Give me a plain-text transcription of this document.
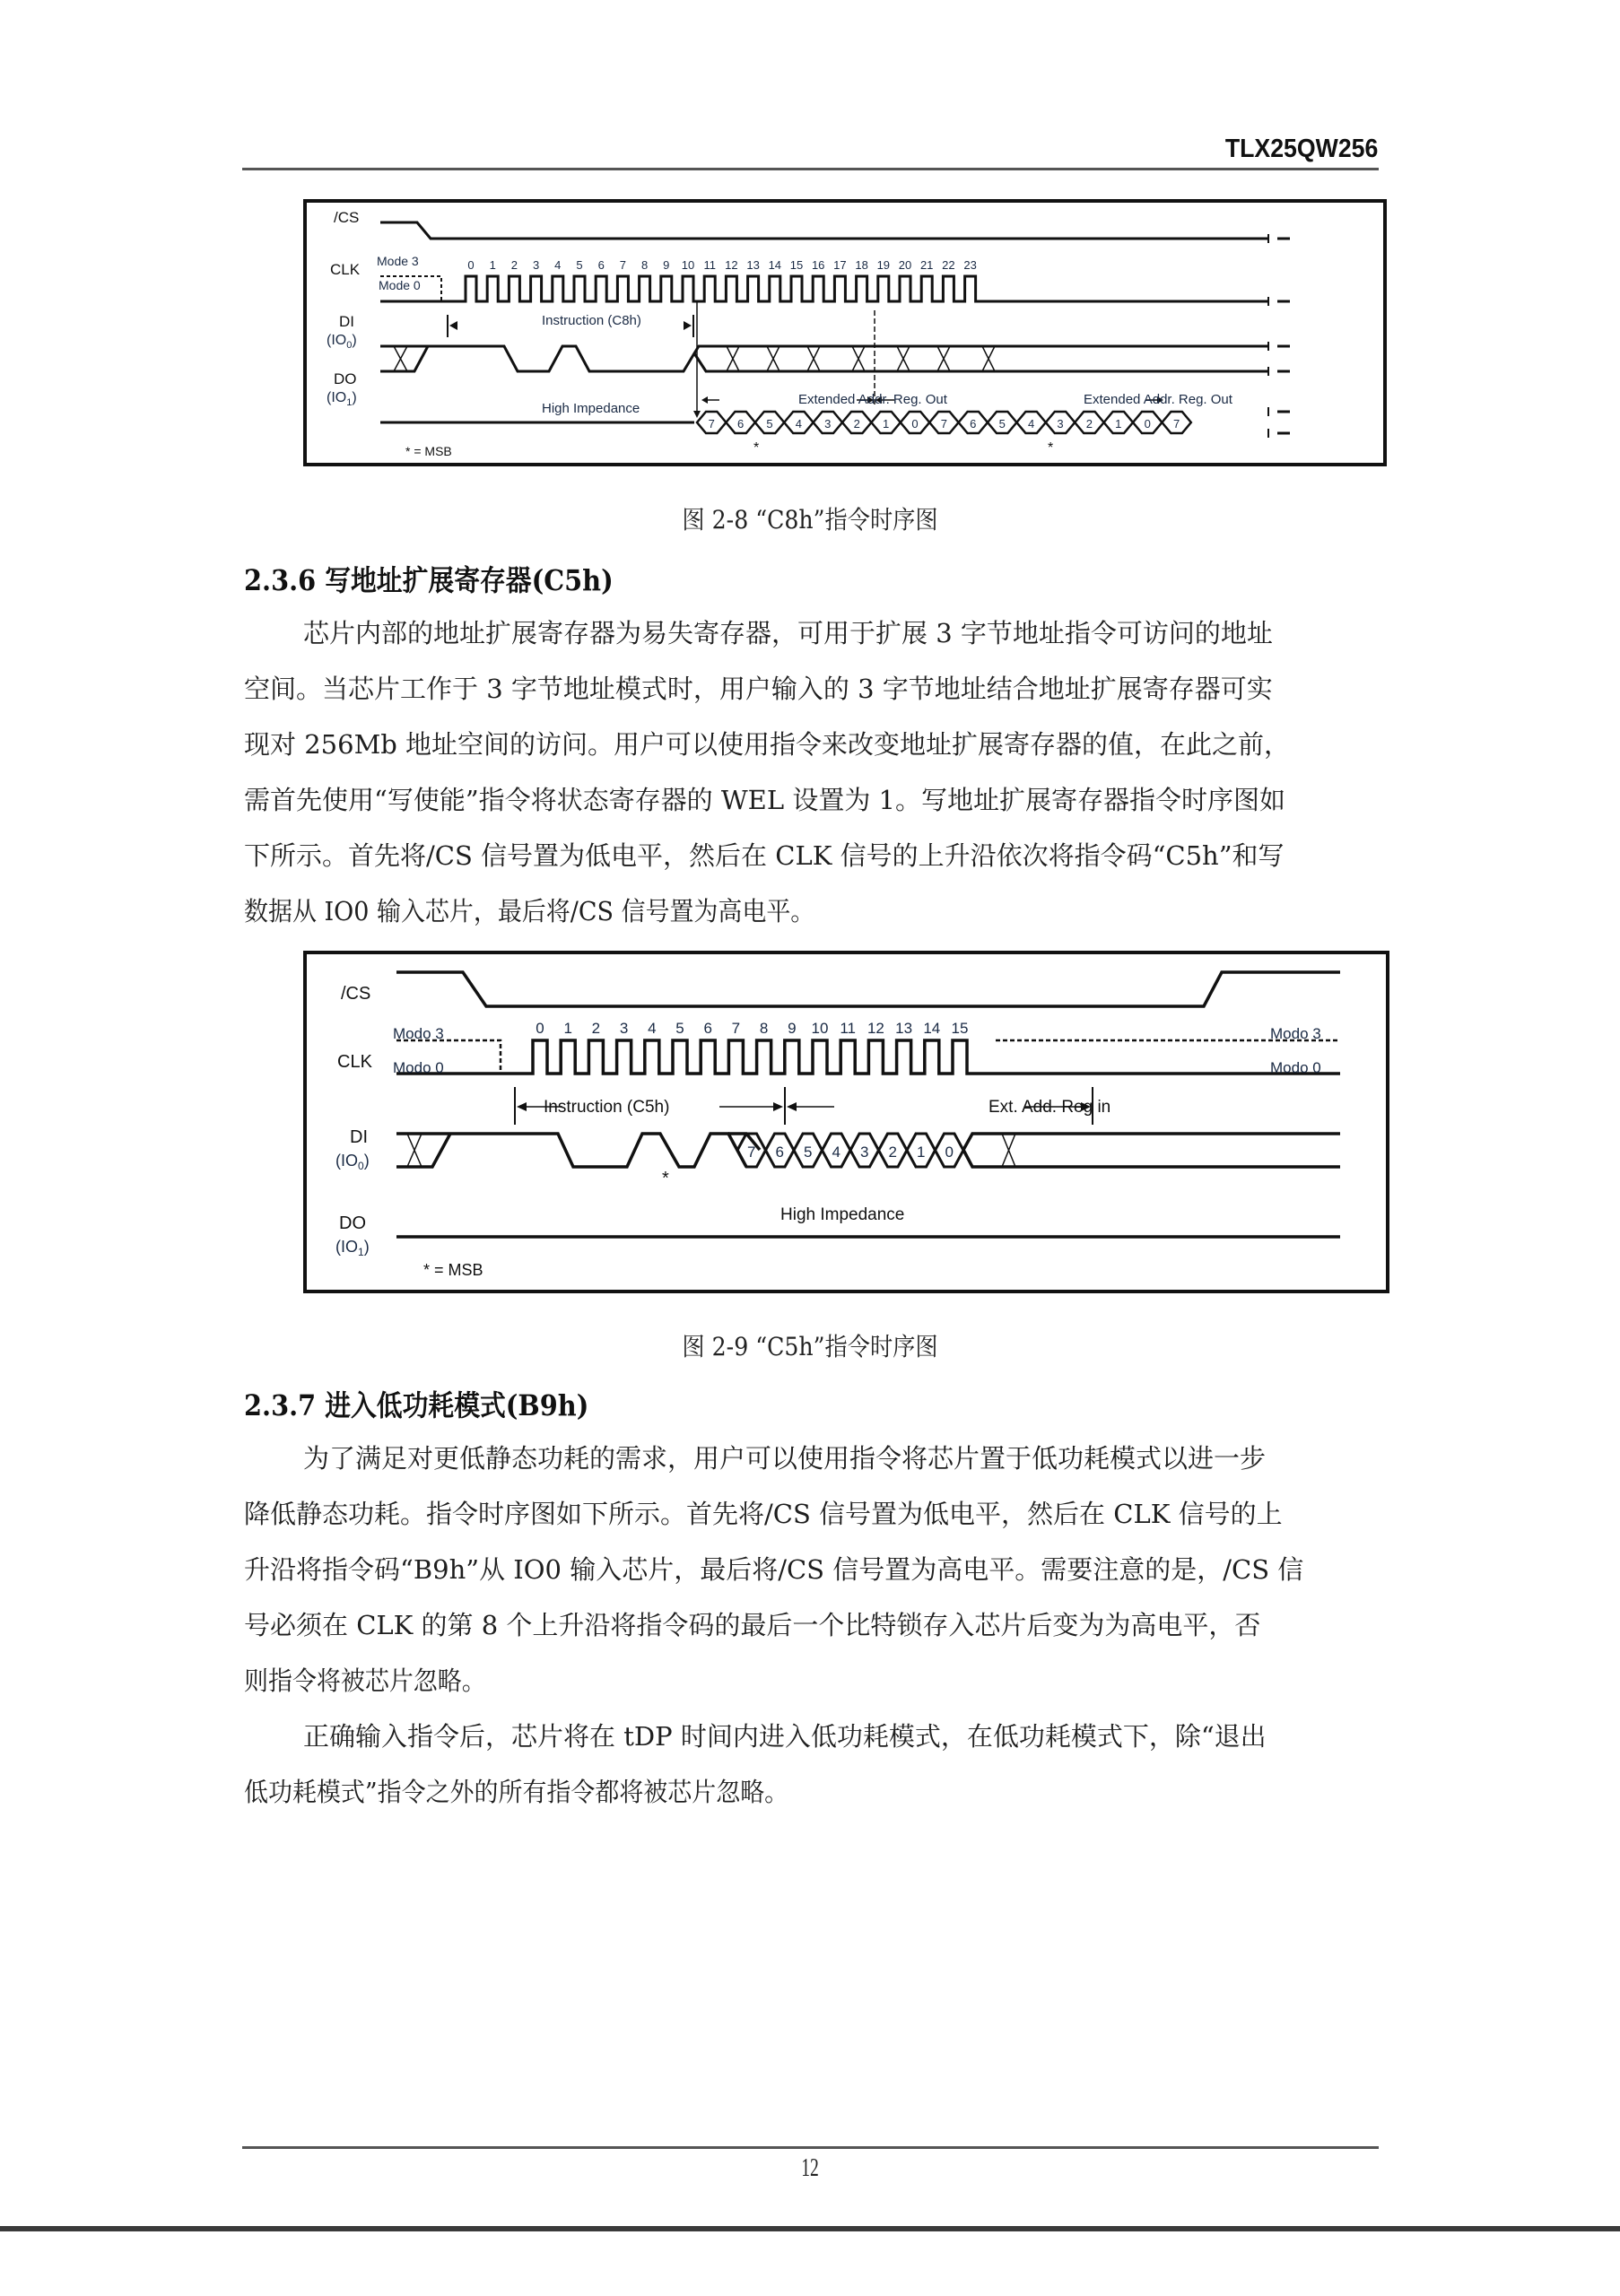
TLX25QW256
/CS
CLK
DI
$(IO_0)$
DO
$(IO_1)$
Mode 3
Mode 0
0 1 2 3 4 5 6 7 8 9 10 11 12 13 14 15 16 17 18 19 20 21 22 23
Instruction (C8h)
High Impedance
Extended Addr. Reg. Out	Extended Addr. Reg. Out
7 6 5 4 3 2 1 0 7 6 5 4 3 2 1 0 7
*	*
* = MSB
图 2-8 “C8h”指令时序图
2.3.6 写地址扩展寄存器(C5h)
芯片内部的地址扩展寄存器为易失寄存器，可用于扩展 3 字节地址指令可访问的地址
空间。当芯片工作于 3 字节地址模式时，用户输入的 3 字节地址结合地址扩展寄存器可实
现对 256Mb 地址空间的访问。用户可以使用指令来改变地址扩展寄存器的值，在此之前，
需首先使用“写使能”指令将状态寄存器的 WEL 设置为 1。写地址扩展寄存器指令时序图如
下所示。首先将/CS 信号置为低电平，然后在 CLK 信号的上升沿依次将指令码“C5h”和写
数据从 IO0 输入芯片，最后将/CS 信号置为高电平。
/CS
CLK
DI
$(IO_0)$
DO
$(IO_1)$
Modo 3
Modo 0
Modo 3
Modo 0
0 1 2 3 4 5 6 7 8 9 10 11 12 13 14 15
Instruction (C5h)	Ext. Add. Reg in
7 6 5 4 3 2 1 0
*
High Impedance
* = MSB
图 2-9 “C5h”指令时序图
2.3.7 进入低功耗模式(B9h)
为了满足对更低静态功耗的需求，用户可以使用指令将芯片置于低功耗模式以进一步
降低静态功耗。指令时序图如下所示。首先将/CS 信号置为低电平，然后在 CLK 信号的上
升沿将指令码“B9h”从 IO0 输入芯片，最后将/CS 信号置为高电平。需要注意的是，/CS 信
号必须在 CLK 的第 8 个上升沿将指令码的最后一个比特锁存入芯片后变为为高电平，否
则指令将被芯片忽略。
正确输入指令后，芯片将在 tDP 时间内进入低功耗模式，在低功耗模式下，除“退出
低功耗模式”指令之外的所有指令都将被芯片忽略。
12
